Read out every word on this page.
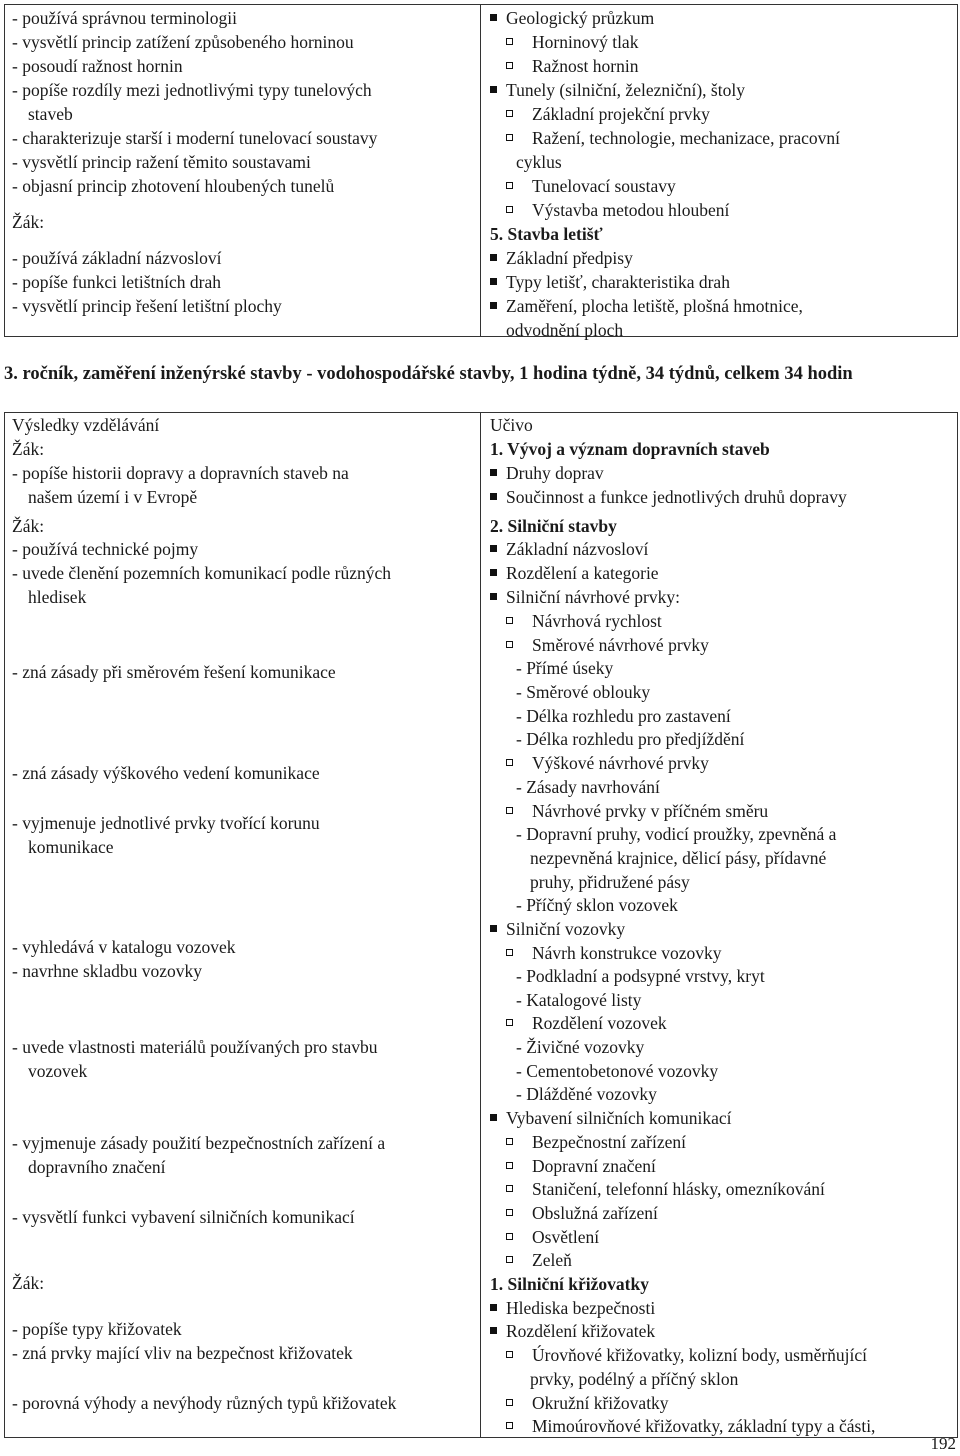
- používá správnou terminologii
- vysvětlí princip zatížení způsobeného horninou
- posoudí ražnost hornin
- popíše rozdíly mezi jednotlivými typy tunelových
staveb
- charakterizuje starší i moderní tunelovací soustavy
- vysvětlí princip ražení těmito soustavami
- objasní princip zhotovení hloubených tunelů
Žák:
- používá základní názvosloví
- popíše funkci letištních drah
- vysvětlí princip řešení letištní plochy
Geologický průzkum
Horninový tlak
Ražnost hornin
Tunely (silniční, železniční), štoly
Základní projekční prvky
Ražení, technologie, mechanizace, pracovní
cyklus
Tunelovací soustavy
Výstavba metodou hloubení
5. Stavba letišť
Základní předpisy
Typy letišť, charakteristika drah
Zaměření, plocha letiště, plošná hmotnice,
odvodnění ploch
3. ročník, zaměření inženýrské stavby - vodohospodářské stavby, 1 hodina týdně, 34 týdnů, celkem 34 hodin
Výsledky vzdělávání
Žák:
- popíše historii dopravy a dopravních staveb na
našem území i v Evropě
Žák:
- používá technické pojmy
- uvede členění pozemních komunikací podle různých
hledisek
- zná zásady při směrovém řešení komunikace
- zná zásady výškového vedení komunikace
- vyjmenuje jednotlivé prvky tvořící korunu
komunikace
- vyhledává v katalogu vozovek
- navrhne skladbu vozovky
- uvede vlastnosti materiálů používaných pro stavbu
vozovek
- vyjmenuje zásady použití bezpečnostních zařízení a
dopravního značení
- vysvětlí funkci vybavení silničních komunikací
Žák:
- popíše typy křižovatek
- zná prvky mající vliv na bezpečnost křižovatek
- porovná výhody a nevýhody různých typů křižovatek
Učivo
1. Vývoj a význam dopravních staveb
Druhy doprav
Součinnost a funkce jednotlivých druhů dopravy
2. Silniční stavby
Základní názvosloví
Rozdělení a kategorie
Silniční návrhové prvky:
Návrhová rychlost
Směrové návrhové prvky
- Přímé úseky
- Směrové oblouky
- Délka rozhledu pro zastavení
- Délka rozhledu pro předjíždění
Výškové návrhové prvky
- Zásady navrhování
Návrhové prvky v příčném směru
- Dopravní pruhy, vodicí proužky, zpevněná a
nezpevněná krajnice, dělicí pásy, přídavné
pruhy, přidružené pásy
- Příčný sklon vozovek
Silniční vozovky
Návrh konstrukce vozovky
- Podkladní a podsypné vrstvy, kryt
- Katalogové listy
Rozdělení vozovek
- Živičné vozovky
- Cementobetonové vozovky
- Dlážděné vozovky
Vybavení silničních komunikací
Bezpečnostní zařízení
Dopravní značení
Staničení, telefonní hlásky, omezníkování
Obslužná zařízení
Osvětlení
Zeleň
1. Silniční křižovatky
Hlediska bezpečnosti
Rozdělení křižovatek
Úrovňové křižovatky, kolizní body, usměrňující
prvky, podélný a příčný sklon
Okružní křižovatky
Mimoúrovňové křižovatky, základní typy a části,
192
